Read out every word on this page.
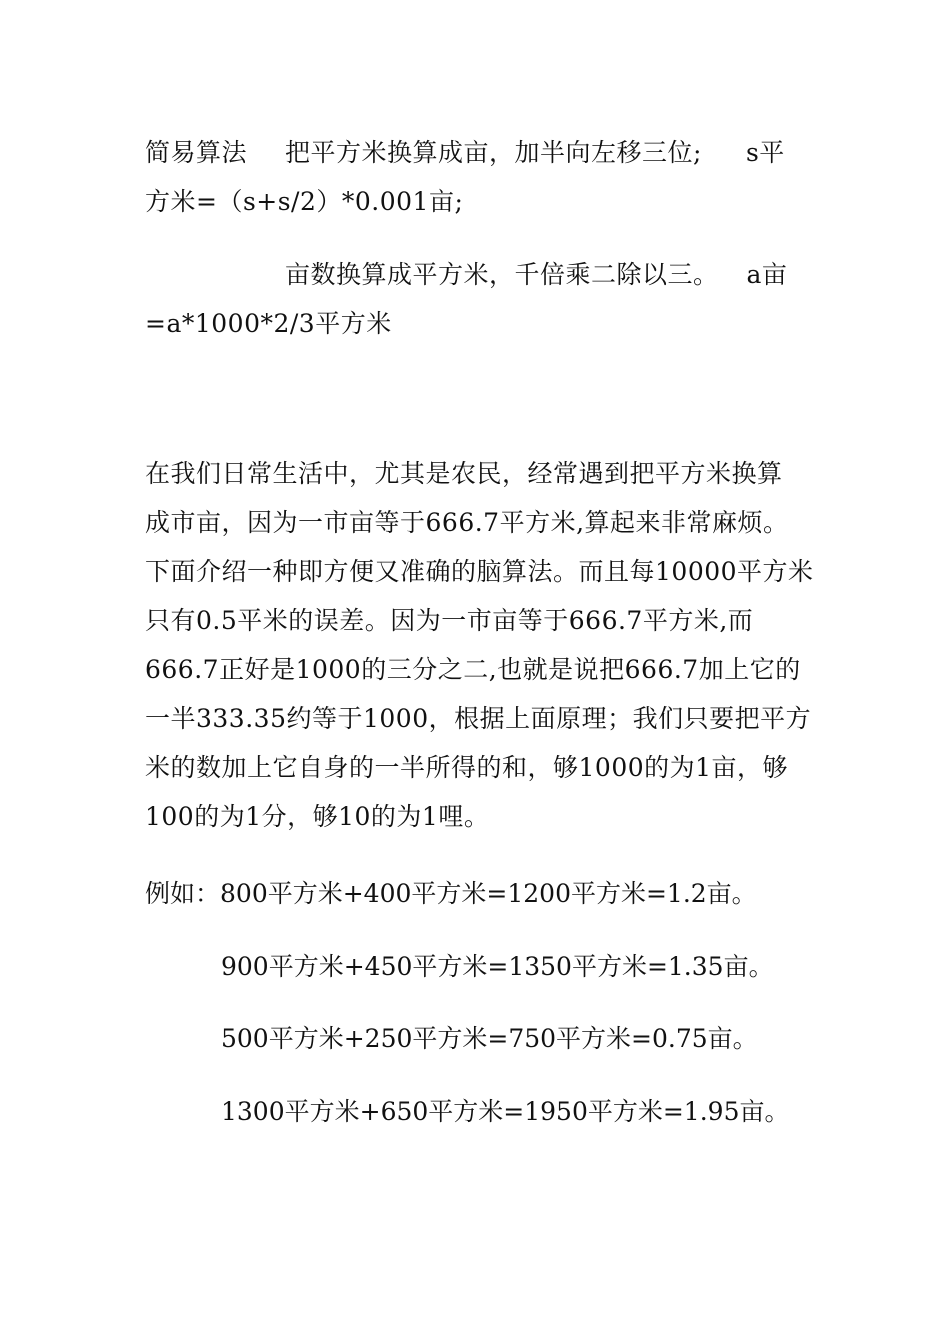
简易算法 把平方米换算成亩，加半向左移三位; s平
方米=（s+s/2）*0.001亩;
亩数换算成平方米，千倍乘二除以三。 a亩
=a*1000*2/3平方米
在我们日常生活中，尤其是农民，经常遇到把平方米换算
成市亩，因为一市亩等于666.7平方米,算起来非常麻烦。
下面介绍一种即方便又准确的脑算法。而且每10000平方米
只有0.5平米的误差。因为一市亩等于666.7平方米,而
666.7正好是1000的三分之二,也就是说把666.7加上它的
一半333.35约等于1000，根据上面原理；我们只要把平方
米的数加上它自身的一半所得的和，够1000的为1亩，够
100的为1分，够10的为1哩。
例如：800平方米+400平方米=1200平方米=1.2亩。
900平方米+450平方米=1350平方米=1.35亩。
500平方米+250平方米=750平方米=0.75亩。
1300平方米+650平方米=1950平方米=1.95亩。
